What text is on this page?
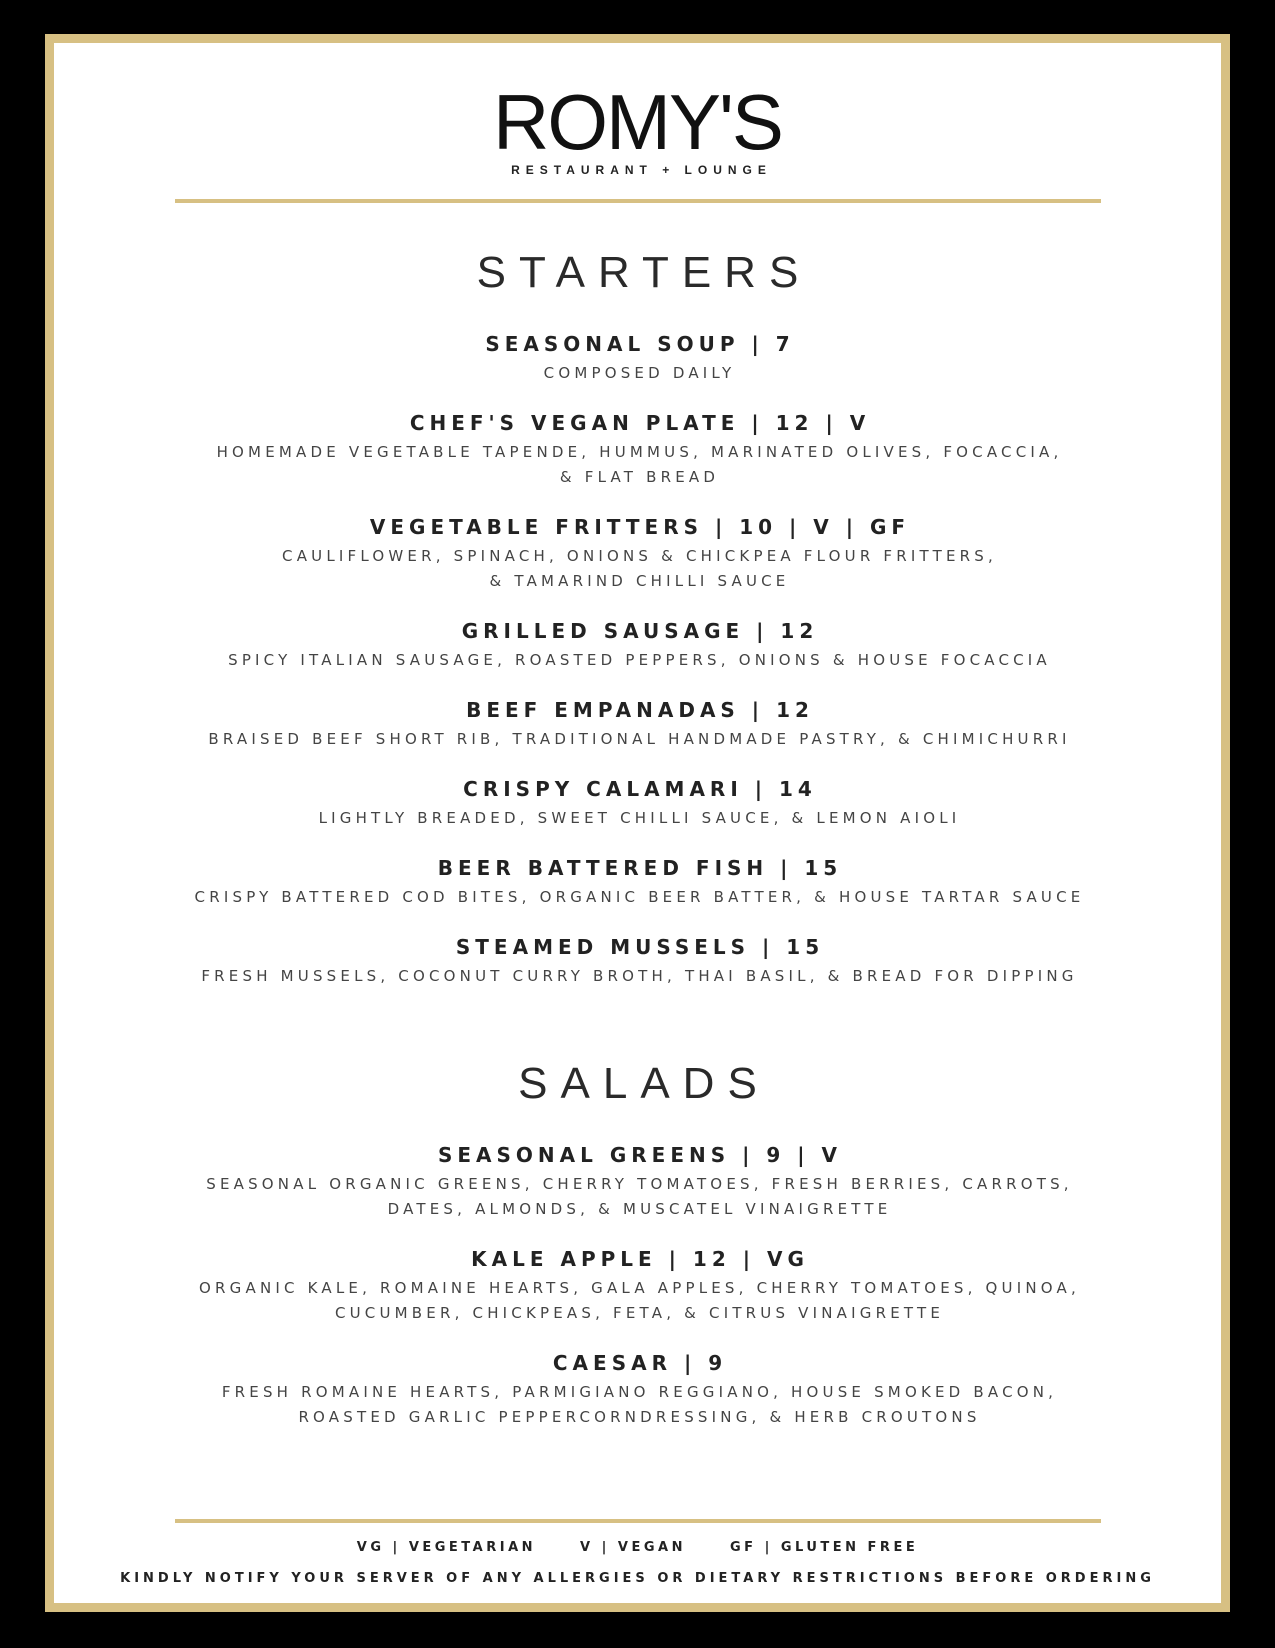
ROMY'S
RESTAURANT + LOUNGE
STARTERS
SEASONAL SOUP | 7
COMPOSED DAILY
CHEF'S VEGAN PLATE | 12 | V
HOMEMADE VEGETABLE TAPENDE, HUMMUS, MARINATED OLIVES, FOCACCIA,
& FLAT BREAD
VEGETABLE FRITTERS | 10 | V | GF
CAULIFLOWER, SPINACH, ONIONS & CHICKPEA FLOUR FRITTERS,
& TAMARIND CHILLI SAUCE
GRILLED SAUSAGE | 12
SPICY ITALIAN SAUSAGE, ROASTED PEPPERS, ONIONS & HOUSE FOCACCIA
BEEF EMPANADAS | 12
BRAISED BEEF SHORT RIB, TRADITIONAL HANDMADE PASTRY, & CHIMICHURRI
CRISPY CALAMARI | 14
LIGHTLY BREADED, SWEET CHILLI SAUCE, & LEMON AIOLI
BEER BATTERED FISH | 15
CRISPY BATTERED COD BITES, ORGANIC BEER BATTER, & HOUSE TARTAR SAUCE
STEAMED MUSSELS | 15
FRESH MUSSELS, COCONUT CURRY BROTH, THAI BASIL, & BREAD FOR DIPPING
SALADS
SEASONAL GREENS | 9 | V
SEASONAL ORGANIC GREENS, CHERRY TOMATOES, FRESH BERRIES, CARROTS,
DATES, ALMONDS, & MUSCATEL VINAIGRETTE
KALE APPLE | 12 | VG
ORGANIC KALE, ROMAINE HEARTS, GALA APPLES, CHERRY TOMATOES, QUINOA,
CUCUMBER, CHICKPEAS, FETA, & CITRUS VINAIGRETTE
CAESAR | 9
FRESH ROMAINE HEARTS, PARMIGIANO REGGIANO, HOUSE SMOKED BACON,
ROASTED GARLIC PEPPERCORNDRESSING, & HERB CROUTONS
VG | VEGETARIAN	V | VEGAN	GF | GLUTEN FREE
KINDLY NOTIFY YOUR SERVER OF ANY ALLERGIES OR DIETARY RESTRICTIONS BEFORE ORDERING
